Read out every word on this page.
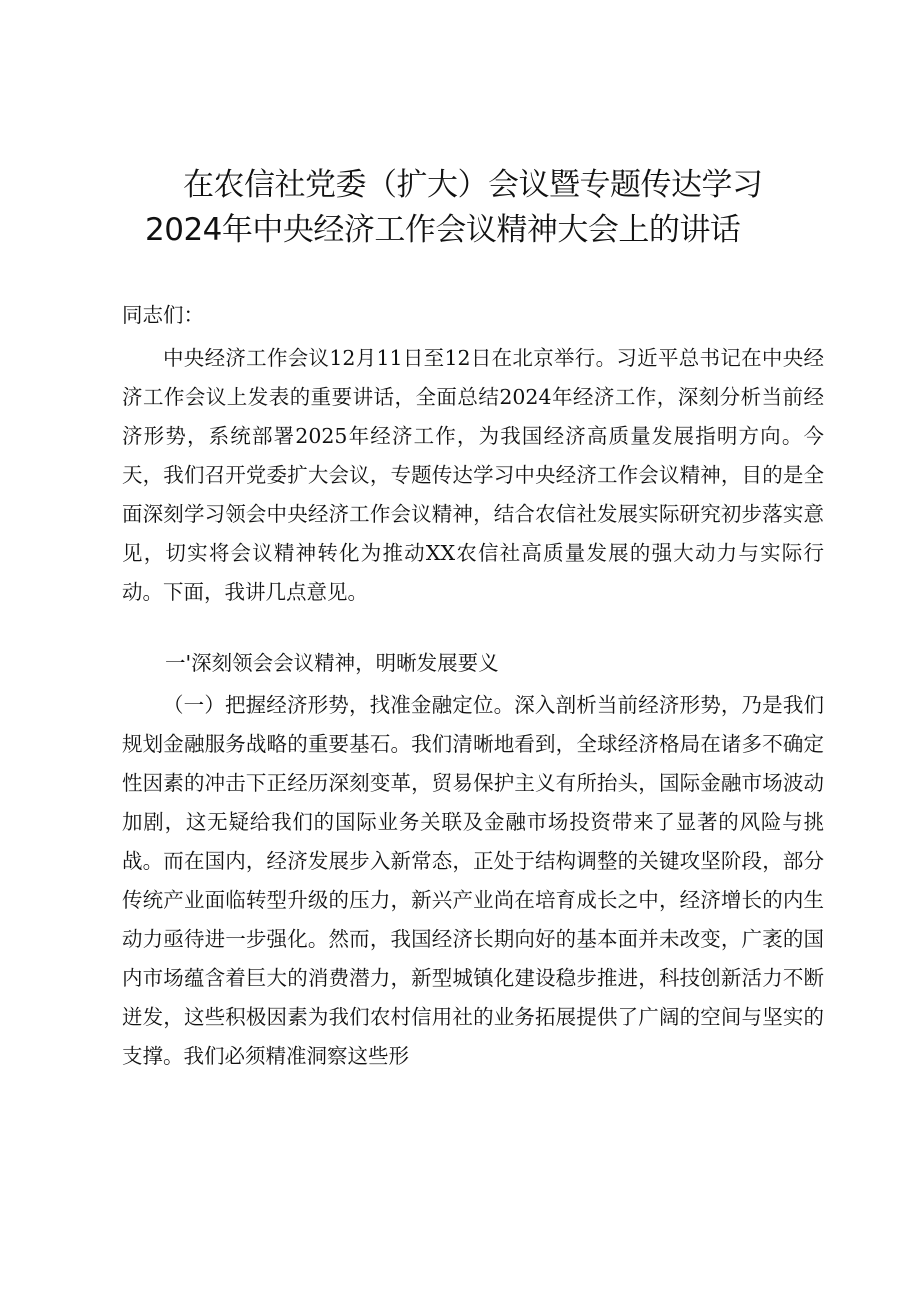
在农信社党委（扩大）会议暨专题传达学习
2024年中央经济工作会议精神大会上的讲话
同志们：

中央经济工作会议12月11日至12日在北京举行。习近平总书记在中央经济工作会议上发表的重要讲话，全面总结2024年经济工作，深刻分析当前经济形势，系统部署2025年经济工作，为我国经济高质量发展指明方向。今天，我们召开党委扩大会议，专题传达学习中央经济工作会议精神，目的是全面深刻学习领会中央经济工作会议精神，结合农信社发展实际研究初步落实意见，切实将会议精神转化为推动XX农信社高质量发展的强大动力与实际行动。下面，我讲几点意见。

一'深刻领会会议精神，明晰发展要义

（一）把握经济形势，找准金融定位。深入剖析当前经济形势，乃是我们规划金融服务战略的重要基石。我们清晰地看到，全球经济格局在诸多不确定性因素的冲击下正经历深刻变革，贸易保护主义有所抬头，国际金融市场波动加剧，这无疑给我们的国际业务关联及金融市场投资带来了显著的风险与挑战。而在国内，经济发展步入新常态，正处于结构调整的关键攻坚阶段，部分传统产业面临转型升级的压力，新兴产业尚在培育成长之中，经济增长的内生动力亟待进一步强化。然而，我国经济长期向好的基本面并未改变，广袤的国内市场蕴含着巨大的消费潜力，新型城镇化建设稳步推进，科技创新活力不断迸发，这些积极因素为我们农村信用社的业务拓展提供了广阔的空间与坚实的支撑。我们必须精准洞察这些形
